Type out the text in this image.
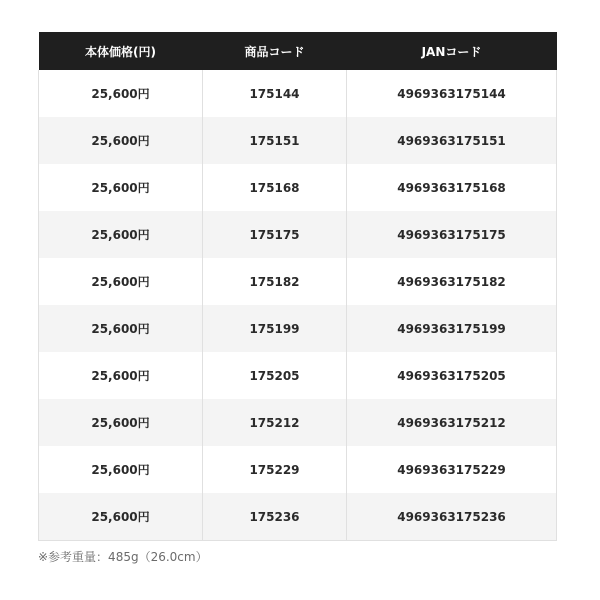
本体価格(円)	商品コード	JANコード
25,600円	175144	4969363175144
25,600円	175151	4969363175151
25,600円	175168	4969363175168
25,600円	175175	4969363175175
25,600円	175182	4969363175182
25,600円	175199	4969363175199
25,600円	175205	4969363175205
25,600円	175212	4969363175212
25,600円	175229	4969363175229
25,600円	175236	4969363175236
※参考重量：485g（26.0cm）
